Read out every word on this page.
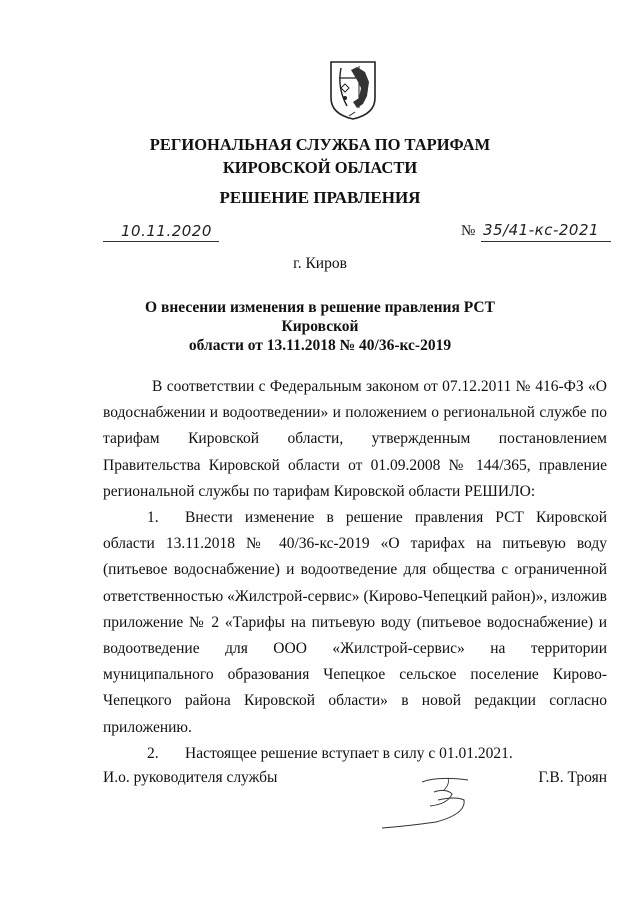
РЕГИОНАЛЬНАЯ СЛУЖБА ПО ТАРИФАМ
КИРОВСКОЙ ОБЛАСТИ
РЕШЕНИЕ ПРАВЛЕНИЯ
10.11.2020	№ 35/41-кс-2021
г. Киров
О внесении изменения в решение правления РСТ Кировской
области от 13.11.2018 № 40/36-кс-2019

В соответствии с Федеральным законом от 07.12.2011 № 416-ФЗ «О водоснабжении и водоотведении» и положением о региональной службе по тарифам Кировской области, утвержденным постановлением Правительства Кировской области от 01.09.2008 № 144/365, правление региональной службы по тарифам Кировской области РЕШИЛО:

1. Внести изменение в решение правления РСТ Кировской области 13.11.2018 № 40/36-кс-2019 «О тарифах на питьевую воду (питьевое водоснабжение) и водоотведение для общества с ограниченной ответственностью «Жилстрой-сервис» (Кирово-Чепецкий район)», изложив приложение № 2 «Тарифы на питьевую воду (питьевое водоснабжение) и водоотведение для ООО «Жилстрой-сервис» на территории муниципального образования Чепецкое сельское поселение Кирово-Чепецкого района Кировской области» в новой редакции согласно приложению.

2. Настоящее решение вступает в силу с 01.01.2021.

И.о. руководителя службы	Г.В. Троян
